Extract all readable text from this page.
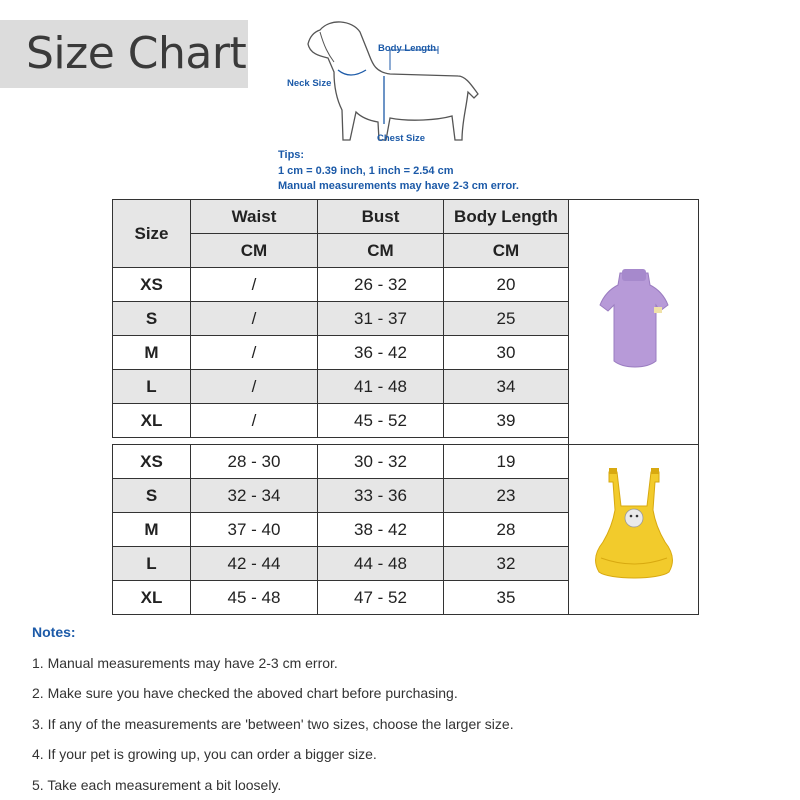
Size Chart	Body Length
Neck Size
Chest Size
Tips:
1 cm = 0.39 inch, 1 inch = 2.54 cm
Manual measurements may have 2-3 cm error.
Size	Waist	Bust	Body Length	
	CM	CM	CM	
XS	/	26 - 32	20	
S	/	31 - 37	25	
M	/	36 - 42	30	
L	/	41 - 48	34	
XL	/	45 - 52	39	

XS	28 - 30	30 - 32	19	
S	32 - 34	33 - 36	23	
M	37 - 40	38 - 42	28	
L	42 - 44	44 - 48	32	
XL	45 - 48	47 - 52	35	
Notes:
1. Manual measurements may have 2-3 cm error.
2. Make sure you have checked the aboved chart before purchasing.
3. If any of the measurements are 'between' two sizes, choose the larger size.
4. If your pet is growing up, you can order a bigger size.
5. Take each measurement a bit loosely.
